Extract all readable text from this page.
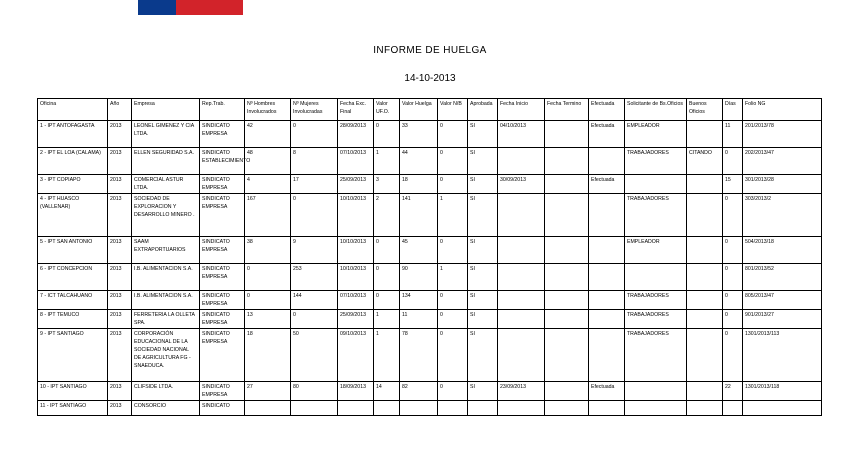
Gobierno de Chile
INFORME DE HUELGA
14-10-2013
Oficina	Año	Empresa	Rep.Trab.	Nº Hombres Involucrados	Nº Mujeres Involucradas	Fecha Exc. Final	Valor UF.O.	Valor Huelga	Valor N/B	Aprobada	Fecha Inicio	Fecha Termino	Efectuada	Solicitante de Bs.Oficios	Buenos Oficios	Días	Folio NG
1 - IPT ANTOFAGASTA	2013	LEONEL GIMENEZ Y CIA LTDA.	SINDICATO EMPRESA	42	0	28/09/2013	0	33	0	SI	04/10/2013		Efectuada	EMPLEADOR		11	201/2013/78
2 - IPT EL LOA (CALAMA)	2013	ELLEN SEGURIDAD S.A.	SINDICATO ESTABLECIMIENTO	48	8	07/10/2013	1	44	0	SI				TRABAJADORES	CITANDO	0	202/2013/47
3 - IPT COPIAPO	2013	COMERCIAL ASTUR LTDA.	SINDICATO EMPRESA	4	17	25/09/2013	3	18	0	SI	30/09/2013		Efectuada			15	301/2013/28
4 - IPT HUASCO (VALLENAR)	2013	SOCIEDAD DE EXPLORACION Y DESARROLLO MINERO .	SINDICATO EMPRESA	167	0	10/10/2013	2	141	1	SI				TRABAJADORES		0	303/2013/2
5 - IPT SAN ANTONIO	2013	SAAM EXTRAPORTUARIOS	SINDICATO EMPRESA	38	9	10/10/2013	0	45	0	SI				EMPLEADOR		0	504/2013/18
6 - IPT CONCEPCION	2013	I.B. ALIMENTACION S.A.	SINDICATO EMPRESA	0	253	10/10/2013	0	90	1	SI						0	801/2013/52
7 - ICT TALCAHUANO	2013	I.B. ALIMENTACION S.A.	SINDICATO EMPRESA	0	144	07/10/2013	0	134	0	SI				TRABAJADORES		0	805/2013/47
8 - IPT TEMUCO	2013	FERRETERIA LA OLLETA SPA.	SINDICATO EMPRESA	13	0	25/09/2013	1	11	0	SI				TRABAJADORES		0	901/2013/27
9 - IPT SANTIAGO	2013	CORPORACIÓN EDUCACIONAL DE LA SOCIEDAD NACIONAL DE AGRICULTURA FG - SNAEDUCA.	SINDICATO EMPRESA	18	50	09/10/2013	1	78	0	SI				TRABAJADORES		0	1301/2013/113
10 - IPT SANTIAGO	2013	CLIFSIDE LTDA.	SINDICATO EMPRESA	27	80	18/09/2013	14	82	0	SI	23/09/2013		Efectuada			22	1301/2013/118
11 - IPT SANTIAGO	2013	CONSORCIO	SINDICATO														
